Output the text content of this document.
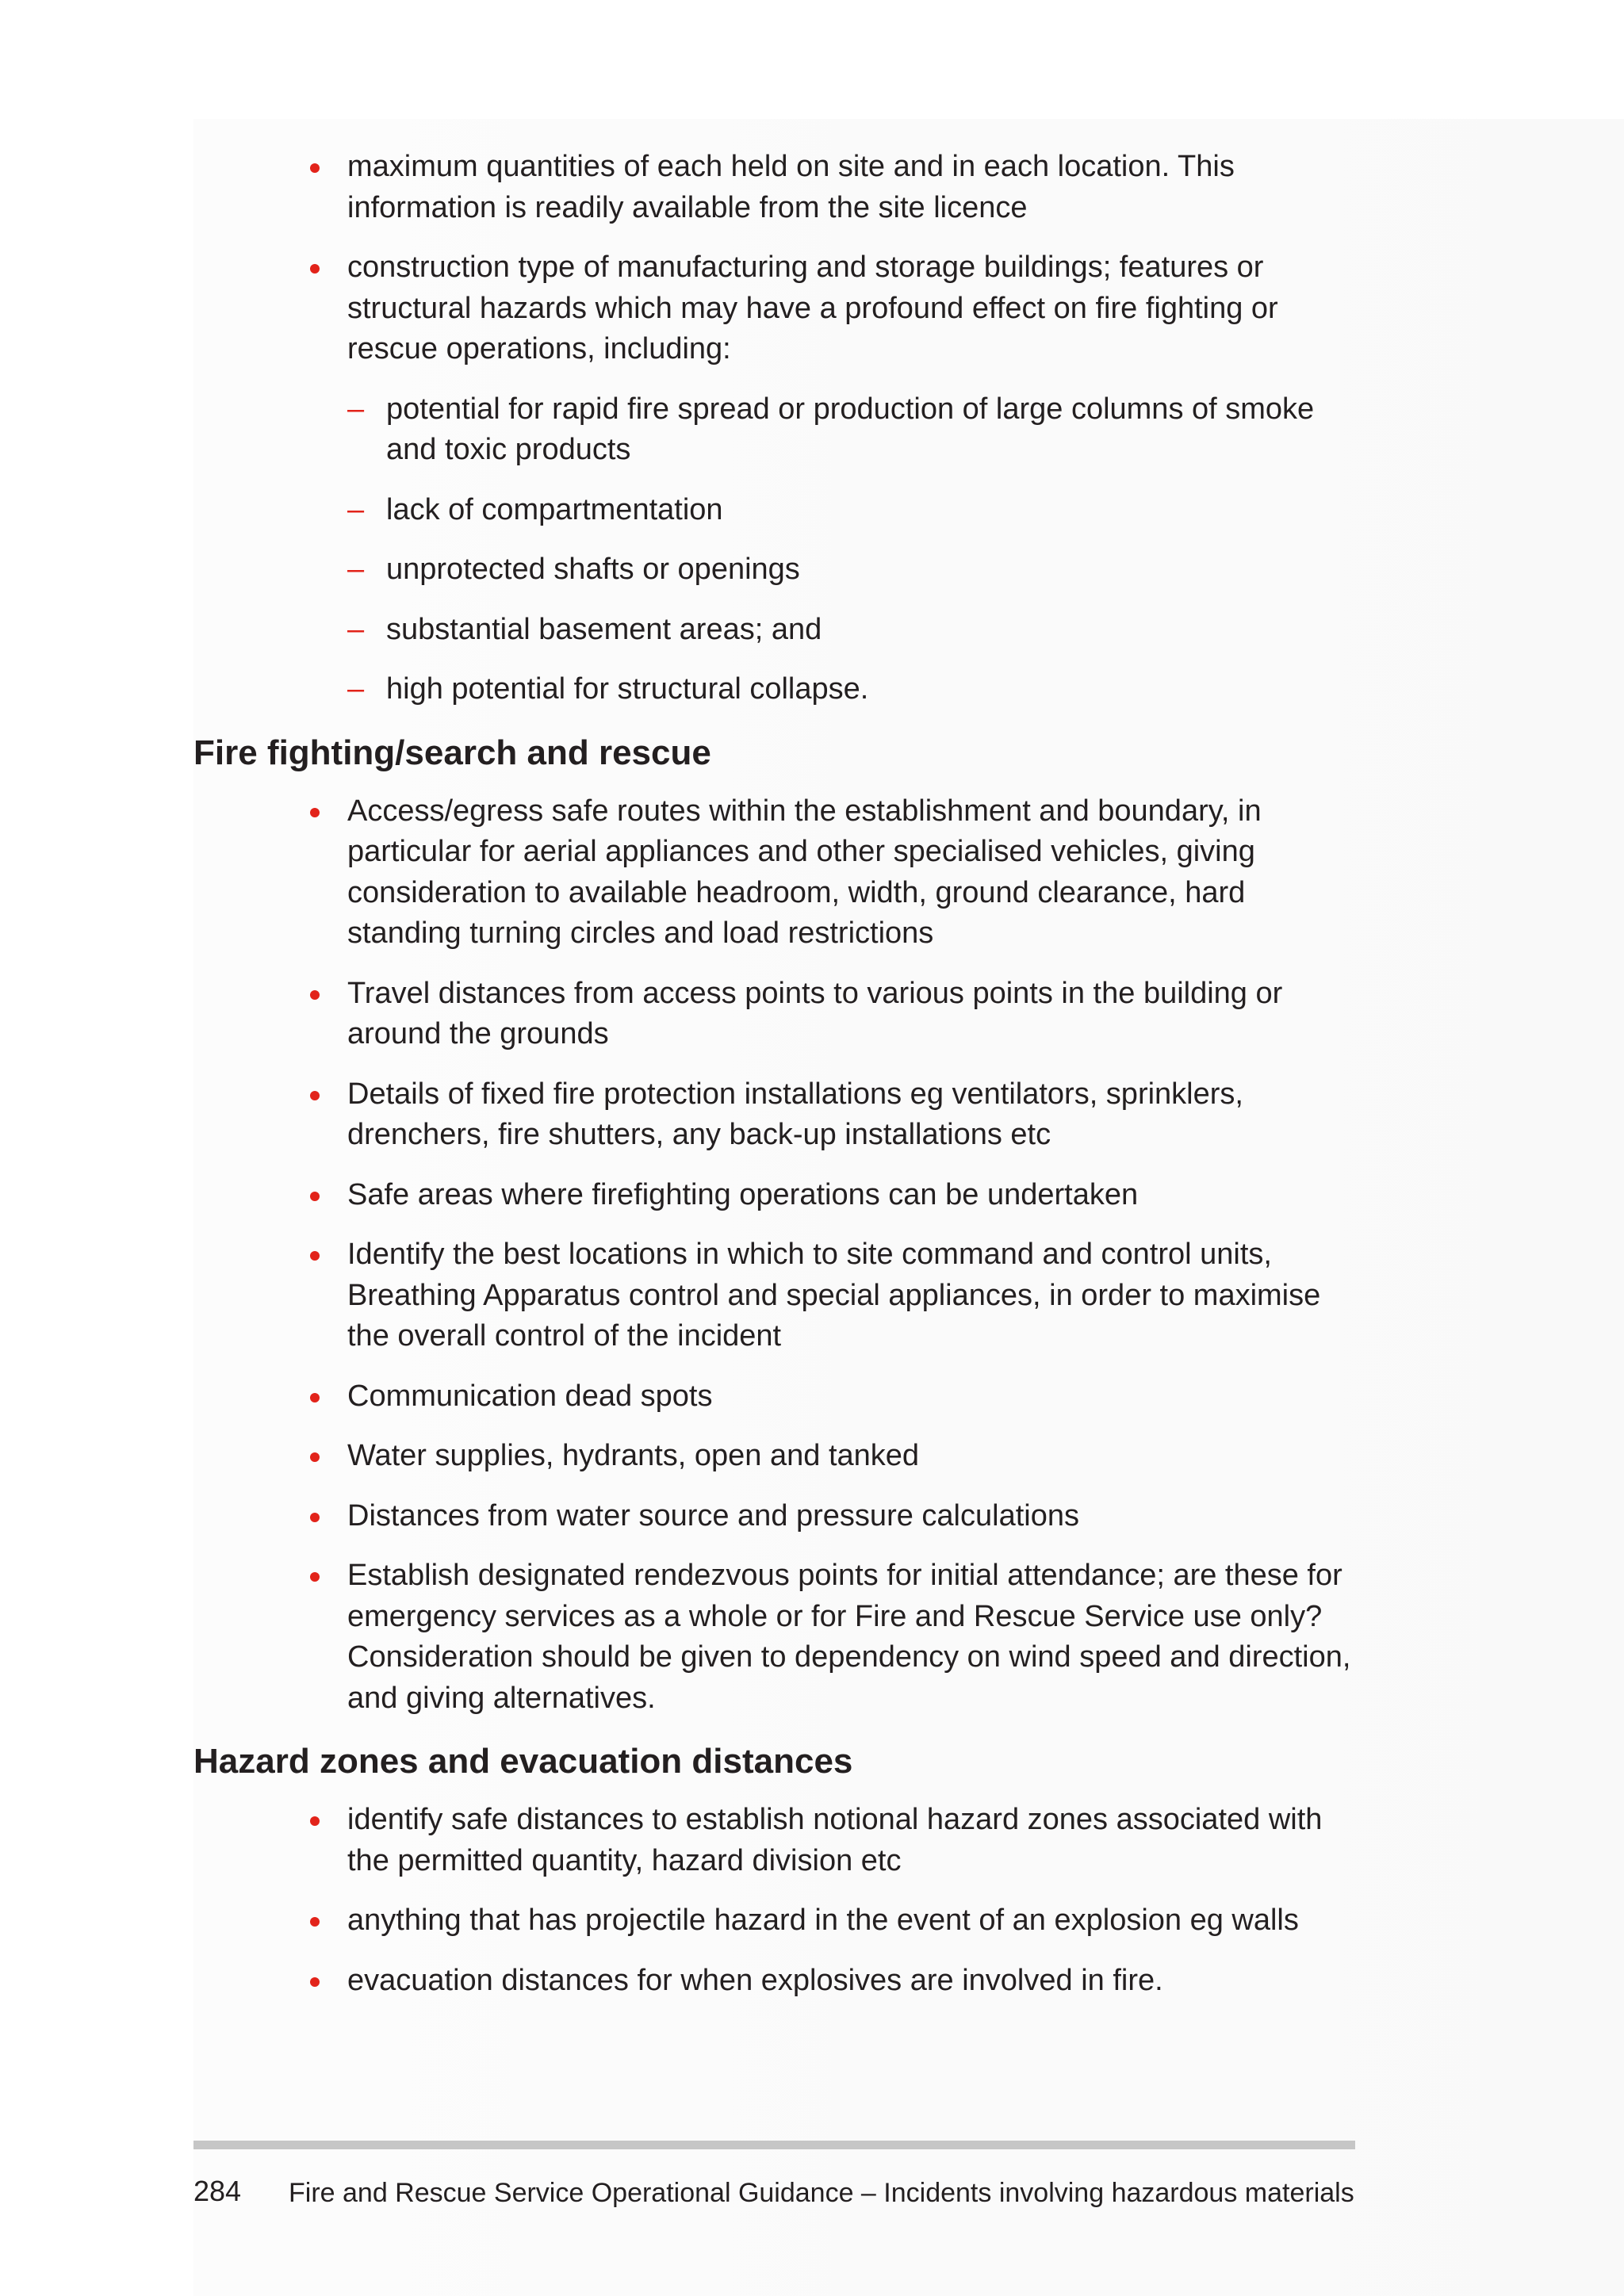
maximum quantities of each held on site and in each location. This information is readily available from the site licence
construction type of manufacturing and storage buildings; features or structural hazards which may have a profound effect on fire fighting or rescue operations, including:
– potential for rapid fire spread or production of large columns of smoke and toxic products
– lack of compartmentation
– unprotected shafts or openings
– substantial basement areas; and
– high potential for structural collapse.
Fire fighting/search and rescue
Access/egress safe routes within the establishment and boundary, in particular for aerial appliances and other specialised vehicles, giving consideration to available headroom, width, ground clearance, hard standing turning circles and load restrictions
Travel distances from access points to various points in the building or around the grounds
Details of fixed fire protection installations eg ventilators, sprinklers, drenchers, fire shutters, any back-up installations etc
Safe areas where firefighting operations can be undertaken
Identify the best locations in which to site command and control units, Breathing Apparatus control and special appliances, in order to maximise the overall control of the incident
Communication dead spots
Water supplies, hydrants, open and tanked
Distances from water source and pressure calculations
Establish designated rendezvous points for initial attendance; are these for emergency services as a whole or for Fire and Rescue Service use only? Consideration should be given to dependency on wind speed and direction, and giving alternatives.
Hazard zones and evacuation distances
identify safe distances to establish notional hazard zones associated with the permitted quantity, hazard division etc
anything that has projectile hazard in the event of an explosion eg walls
evacuation distances for when explosives are involved in fire.
284 Fire and Rescue Service Operational Guidance – Incidents involving hazardous materials
